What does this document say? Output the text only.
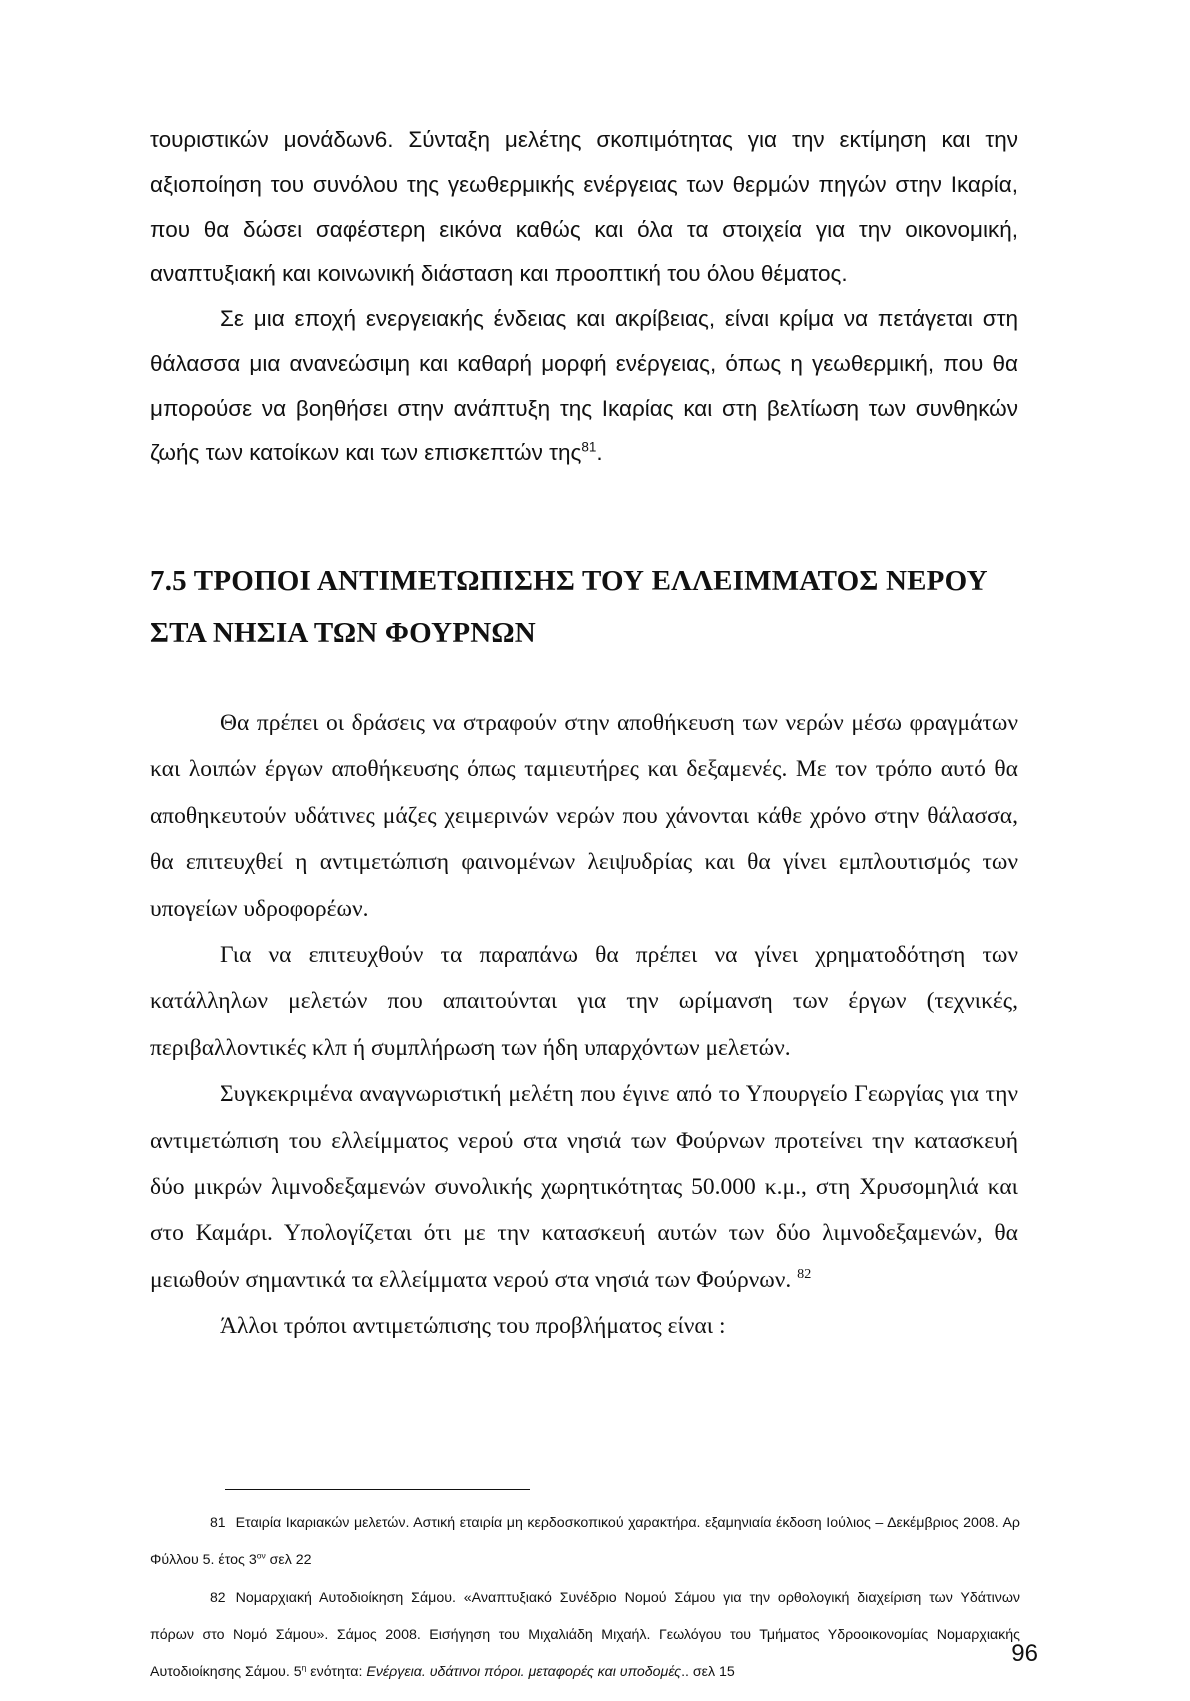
τουριστικών μονάδων6. Σύνταξη μελέτης σκοπιμότητας για την εκτίμηση και την αξιοποίηση του συνόλου της γεωθερμικής ενέργειας των θερμών πηγών στην Ικαρία, που θα δώσει σαφέστερη εικόνα καθώς και όλα τα στοιχεία για την οικονομική, αναπτυξιακή και κοινωνική διάσταση και προοπτική του όλου θέματος.
Σε μια εποχή ενεργειακής ένδειας και ακρίβειας, είναι κρίμα να πετάγεται στη θάλασσα μια ανανεώσιμη και καθαρή μορφή ενέργειας, όπως η γεωθερμική, που θα μπορούσε να βοηθήσει στην ανάπτυξη της Ικαρίας και στη βελτίωση των συνθηκών ζωής των κατοίκων και των επισκεπτών της$^{81}$.
7.5 ΤΡΟΠΟΙ ΑΝΤΙΜΕΤΩΠΙΣΗΣ ΤΟΥ ΕΛΛΕΙΜΜΑΤΟΣ ΝΕΡΟΥ
ΣΤΑ ΝΗΣΙΑ ΤΩΝ ΦΟΥΡΝΩΝ

Θα πρέπει οι δράσεις να στραφούν στην αποθήκευση των νερών μέσω φραγμάτων και λοιπών έργων αποθήκευσης όπως ταμιευτήρες και δεξαμενές. Με τον τρόπο αυτό θα αποθηκευτούν υδάτινες μάζες χειμερινών νερών που χάνονται κάθε χρόνο στην θάλασσα, θα επιτευχθεί η αντιμετώπιση φαινομένων λειψυδρίας και θα γίνει εμπλουτισμός των υπογείων υδροφορέων.

Για να επιτευχθούν τα παραπάνω θα πρέπει να γίνει χρηματοδότηση των κατάλληλων μελετών που απαιτούνται για την ωρίμανση των έργων (τεχνικές, περιβαλλοντικές κλπ ή συμπλήρωση των ήδη υπαρχόντων μελετών.

Συγκεκριμένα αναγνωριστική μελέτη που έγινε από το Υπουργείο Γεωργίας για την αντιμετώπιση του ελλείμματος νερού στα νησιά των Φούρνων προτείνει την κατασκευή δύο μικρών λιμνοδεξαμενών συνολικής χωρητικότητας 50.000 κ.μ., στη Χρυσομηλιά και στο Καμάρι. Υπολογίζεται ότι με την κατασκευή αυτών των δύο λιμνοδεξαμενών, θα μειωθούν σημαντικά τα ελλείμματα νερού στα νησιά των Φούρνων. $^{82}$

Άλλοι τρόποι αντιμετώπισης του προβλήματος είναι :

81 Εταιρία Ικαριακών μελετών. Αστική εταιρία μη κερδοσκοπικού χαρακτήρα. εξαμηνιαία έκδοση Ιούλιος – Δεκέμβριος 2008. Αρ Φύλλου 5. έτος $3^{o\nu}$ σελ 22

82 Νομαρχιακή Αυτοδιοίκηση Σάμου. «Αναπτυξιακό Συνέδριο Νομού Σάμου για την ορθολογική διαχείριση των Υδάτινων πόρων στο Νομό Σάμου». Σάμος 2008. Εισήγηση του Μιχαλιάδη Μιχαήλ. Γεωλόγου του Τμήματος Υδροοικονομίας Νομαρχιακής Αυτοδιοίκησης Σάμου. $5^\eta$ ενότητα: Ενέργεια. υδάτινοι πόροι. μεταφορές και υποδομές.. σελ 15

96
